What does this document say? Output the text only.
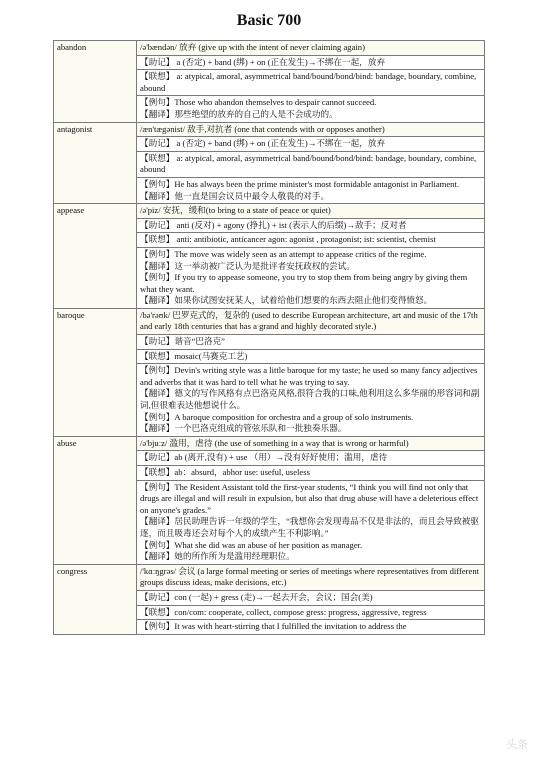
Basic 700
abandon	/ə'bændən/ 放弃 (give up with the intent of never claiming again)

	【助记】 a (否定) + band (绑) + on (正在发生)→不绑在一起，放弃

	【联想】 a: atypical, amoral, asymmetrical band/bound/bond/bind: bandage, boundary, combine, abound

	【例句】Those who abandon themselves to despair cannot succeed.
【翻译】那些绝望的放弃的自己的人是不会成功的。

antagonist	/æn'tægənist/ 敌手,对抗者 (one that contends with or opposes another)

	【助记】 a (否定) + band (绑) + on (正在发生)→不绑在一起，放弃

	【联想】 a: atypical, amoral, asymmetrical band/bound/bond/bind: bandage, boundary, combine, abound

	【例句】He has always been the prime minister's most formidable antagonist in Parliament.
【翻译】他一直是国会议员中最令人敬畏的对手。

appease	/ə'piz/ 安抚，缓和(to bring to a state of peace or quiet)

	【助记】 anti (反对) + agony (挣扎) + ist (表示人的后缀)→敌手；反对者

	【联想】 anti: antibiotic, anticancer agon: agonist , protagonist; ist: scientist, chemist

	【例句】The move was widely seen as an attempt to appease critics of the regime.
【翻译】这一举动被广泛认为是批评者安抚政权的尝试。
【例句】If you try to appease someone, you try to stop them from being angry by giving them what they want.
【翻译】如果你试图安抚某人，试着给他们想要的东西去阻止他们变得愤怒。

baroque	/bə'rəʊk/ 巴罗克式的，复杂的 (used to describe European architecture, art and music of the 17th and early 18th centuries that has a grand and highly decorated style.)

	【助记】谐音“巴洛克”

	【联想】mosaic(马赛克工艺)

	【例句】Devin's writing style was a little baroque for my taste; he used so many fancy adjectives and adverbs that it was hard to tell what he was trying to say.
【翻译】德文的写作风格有点巴洛克风格,很符合我的口味,他利用这么多华丽的形容词和副词,但很难表达他想说什么。
【例句】A baroque composition for orchestra and a group of solo instruments.
【翻译】一个巴洛克组成的管弦乐队和一批独奏乐器。

abuse	/ə'bjuːz/ 滥用，虐待 (the use of something in a way that is wrong or harmful)

	【助记】ab (离开,没有) + use （用）→没有好好使用；滥用，虐待

	【联想】ab：absurd，abhor use: useful, useless

	【例句】The Resident Assistant told the first-year students, “I think you will find not only that drugs are illegal and will result in expulsion, but also that drug abuse will have a deleterious effect on anyone's grades.”
【翻译】居民助理告诉一年级的学生，“我想你会发现毒品不仅是非法的，而且会导致被驱逐，而且吸毒还会对每个人的成绩产生不利影响。”
【例句】What she did was an abuse of her position as manager.
【翻译】她的所作所为是滥用经理职位。

congress	/'kɑːŋgrəs/ 会议 (a large formal meeting or series of meetings where representatives from different groups discuss ideas, make decisions, etc.)

	【助记】con (一起) + gress (走)→一起去开会，会议；国会(美)

	【联想】con/com: cooperate, collect, compose gress: progress, aggressive, regress

	【例句】It was with heart-stirring that I fulfilled the invitation to address the
头条
